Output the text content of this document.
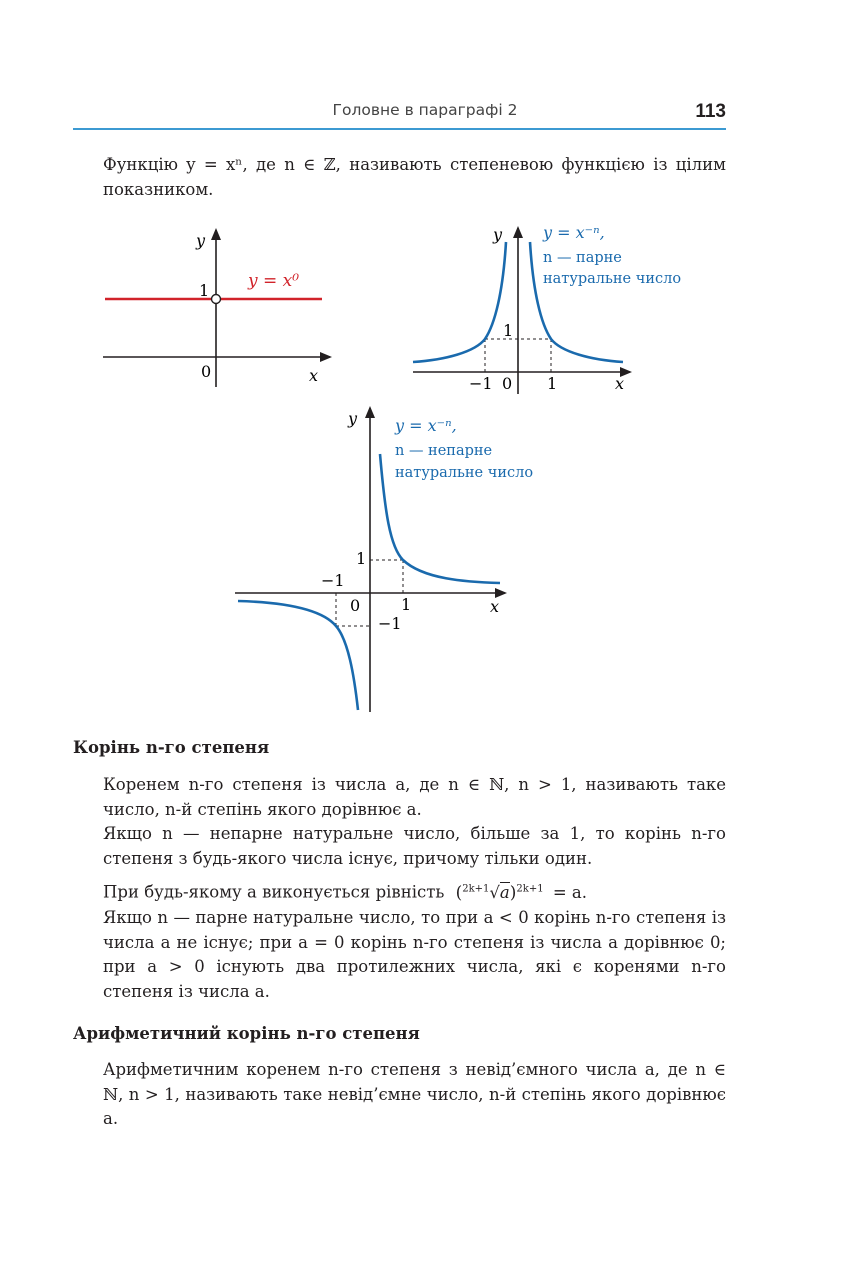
Головне в параграфі 2	113
Функцію y = xⁿ, де n ∈ ℤ, називають степеневою функцією із цілим показником.
y
1
0	x
y = x⁰
y
1
−1 0 1	x
y = x⁻ⁿ,
n — парне
натуральне число
y
1
−1
0	1
−1
x
y = x⁻ⁿ,
n — непарне
натуральне число
Корінь n-го степеня
Коренем n-го степеня із числа a, де n ∈ ℕ, n > 1, називають таке число, n-й степінь якого дорівнює a.
Якщо n — непарне натуральне число, більше за 1, то корінь n-го степеня з будь-якого числа існує, причому тільки один.
При будь-якому a виконується рівність $(^{2k+1}√a)^{2k+1} = a$.
Якщо n — парне натуральне число, то при a < 0 корінь n-го степеня із числа a не існує; при a = 0 корінь n-го степеня із числа a дорівнює 0; при a > 0 існують два протилежних числа, які є коренями n-го степеня із числа a.
Арифметичний корінь n-го степеня
Арифметичним коренем n-го степеня з невід’ємного числа a, де n ∈ ℕ, n > 1, називають таке невід’ємне число, n-й степінь якого дорівнює a.
